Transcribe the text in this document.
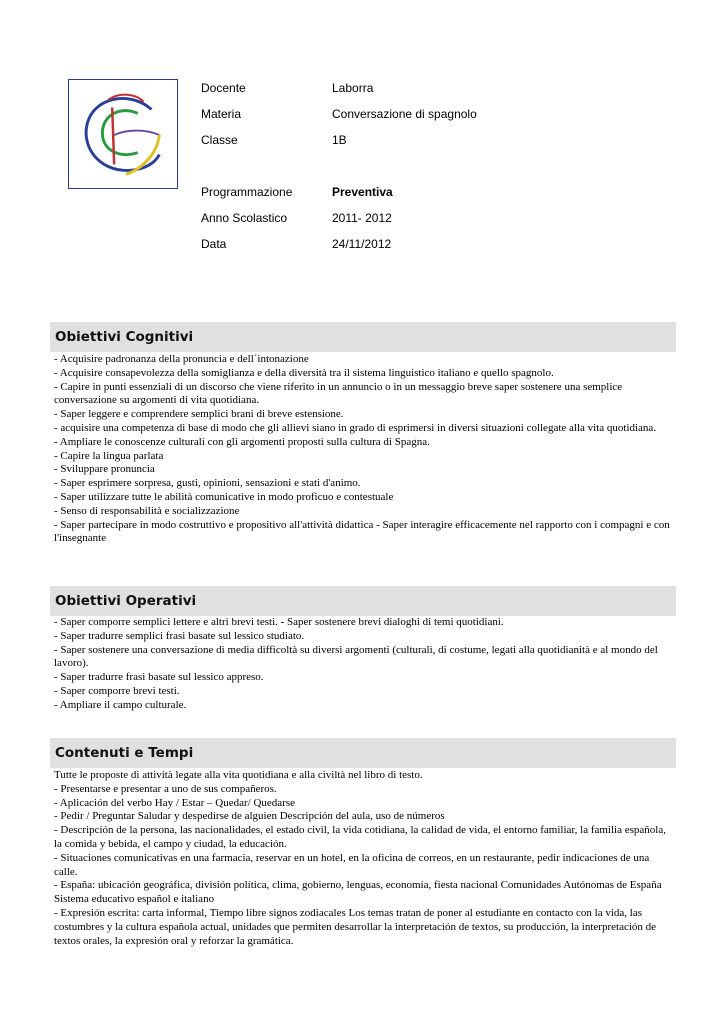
Docente	Laborra
Materia	Conversazione di spagnolo
Classe	1B
Programmazione	Preventiva
Anno Scolastico	2011- 2012
Data	24/11/2012
Obiettivi Cognitivi
- Acquisire padronanza della pronuncia e dell´intonazione
- Acquisire consapevolezza della somiglianza e della diversità tra il sistema linguistico italiano e quello spagnolo.
- Capire in punti essenziali di un discorso che viene riferito in un annuncio o in un messaggio breve saper sostenere una semplice conversazione su argomenti di vita quotidiana.
- Saper leggere e comprendere semplici brani di breve estensione.
- acquisire una competenza di base di modo che gli allievi siano in grado di esprimersi in diversi situazioni collegate alla vita quotidiana.
- Ampliare le conoscenze culturali con gli argomenti proposti sulla cultura di Spagna.
- Capire la lingua parlata
- Sviluppare pronuncia
- Saper esprimere sorpresa, gusti, opinioni, sensazioni e stati d'animo.
- Saper utilizzare tutte le abilità comunicative in modo proficuo e contestuale
- Senso di responsabilità e socializzazione
- Saper partecipare in modo costruttivo e propositivo all'attività didattica - Saper interagire efficacemente nel rapporto con i compagni e con l'insegnante
Obiettivi Operativi
- Saper comporre semplici lettere e altri brevi testi. - Saper sostenere brevi dialoghi di temi quotidiani.
- Saper tradurre semplici frasi basate sul lessico studiato.
- Saper sostenere una conversazione di media difficoltà su diversi argomenti (culturali, di costume, legati alla quotidianità e al mondo del lavoro).
- Saper tradurre frasi basate sul lessico appreso.
- Saper comporre brevi testi.
- Ampliare il campo culturale.
Contenuti e Tempi
Tutte le proposte di attività legate alla vita quotidiana e alla civiltà nel libro di testo.
- Presentarse e presentar a uno de sus compañeros.
- Aplicación del verbo Hay / Estar – Quedar/ Quedarse
- Pedir / Preguntar Saludar y despedirse de alguien Descripción del aula, uso de números
- Descripción de la persona, las nacionalidades, el estado civil, la vida cotidiana, la calidad de vida, el entorno familiar, la familia española, la comida y bebida, el campo y ciudad, la educación.
- Situaciones comunicativas en una farmacia, reservar en un hotel, en la oficina de correos, en un restaurante, pedir indicaciones de una calle.
- España: ubicación geográfica, división política, clima, gobierno, lenguas, economía, fiesta nacional Comunidades Autónomas de España Sistema educativo español e italiano
- Expresión escrita: carta informal, Tiempo libre signos zodiacales Los temas tratan de poner al estudiante en contacto con la vida, las costumbres y la cultura española actual, unidades que permiten desarrollar la interpretación de textos, su producción, la interpretación de textos orales, la expresión oral y reforzar la gramática.
